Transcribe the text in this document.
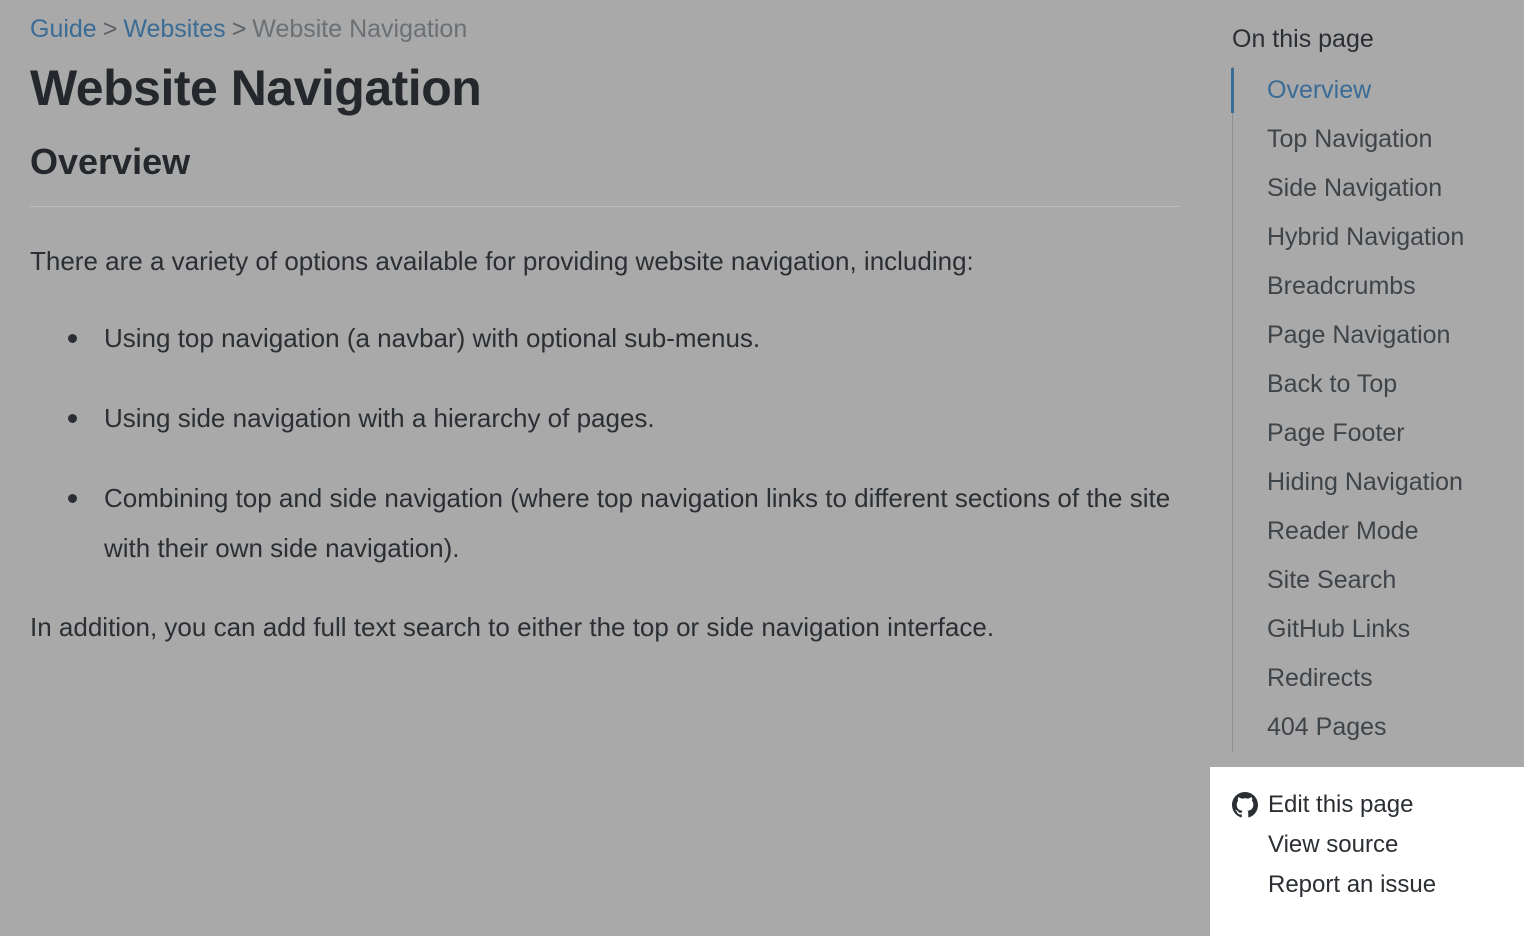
Guide > Websites > Website Navigation
Website Navigation
Overview

There are a variety of options available for providing website navigation, including:

Using top navigation (a navbar) with optional sub-menus.
Using side navigation with a hierarchy of pages.
Combining top and side navigation (where top navigation links to different sections of the site with their own side navigation).

In addition, you can add full text search to either the top or side navigation interface.

On this page
Overview
Top Navigation
Side Navigation
Hybrid Navigation
Breadcrumbs
Page Navigation
Back to Top
Page Footer
Hiding Navigation
Reader Mode
Site Search
GitHub Links
Redirects
404 Pages
Edit this page
View source
Report an issue
